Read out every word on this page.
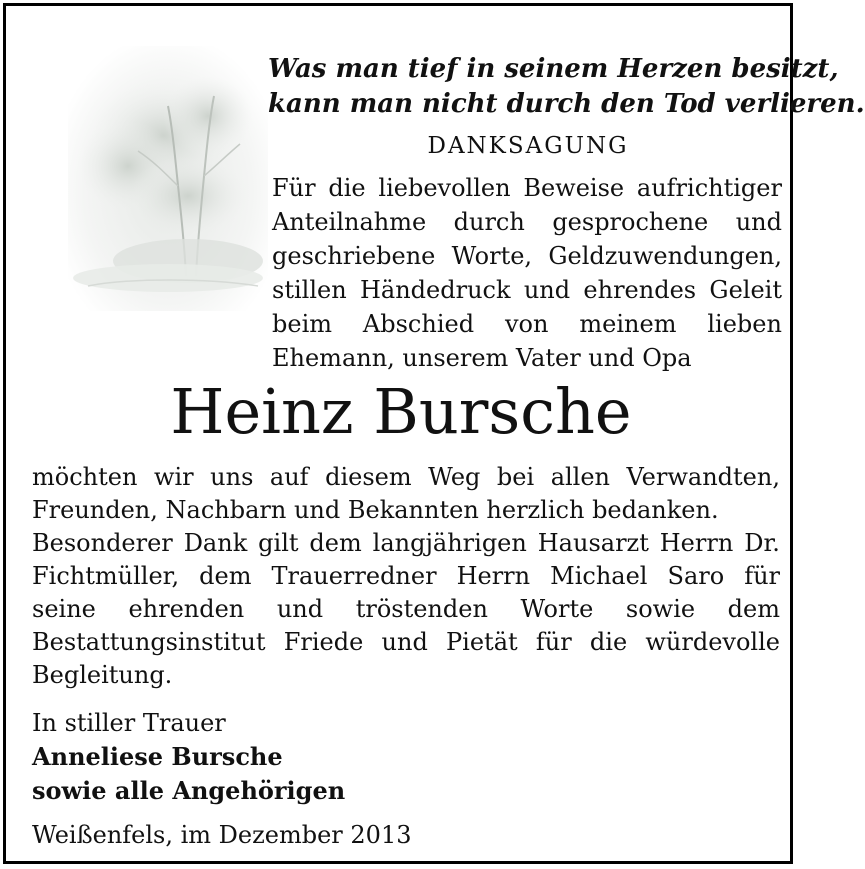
Was man tief in seinem Herzen besitzt,
kann man nicht durch den Tod verlieren.
DANKSAGUNG
Für die liebevollen Beweise aufrichtiger
Anteilnahme durch gesprochene und
geschriebene Worte, Geldzuwendungen,
stillen Händedruck und ehrendes Geleit
beim Abschied von meinem lieben
Ehemann, unserem Vater und Opa
Heinz Bursche
möchten wir uns auf diesem Weg bei allen Verwandten,
Freunden, Nachbarn und Bekannten herzlich bedanken.
Besonderer Dank gilt dem langjährigen Hausarzt Herrn Dr.
Fichtmüller, dem Trauerredner Herrn Michael Saro für
seine ehrenden und tröstenden Worte sowie dem
Bestattungsinstitut Friede und Pietät für die würdevolle
Begleitung.
In stiller Trauer
Anneliese Bursche
sowie alle Angehörigen
Weißenfels, im Dezember 2013
